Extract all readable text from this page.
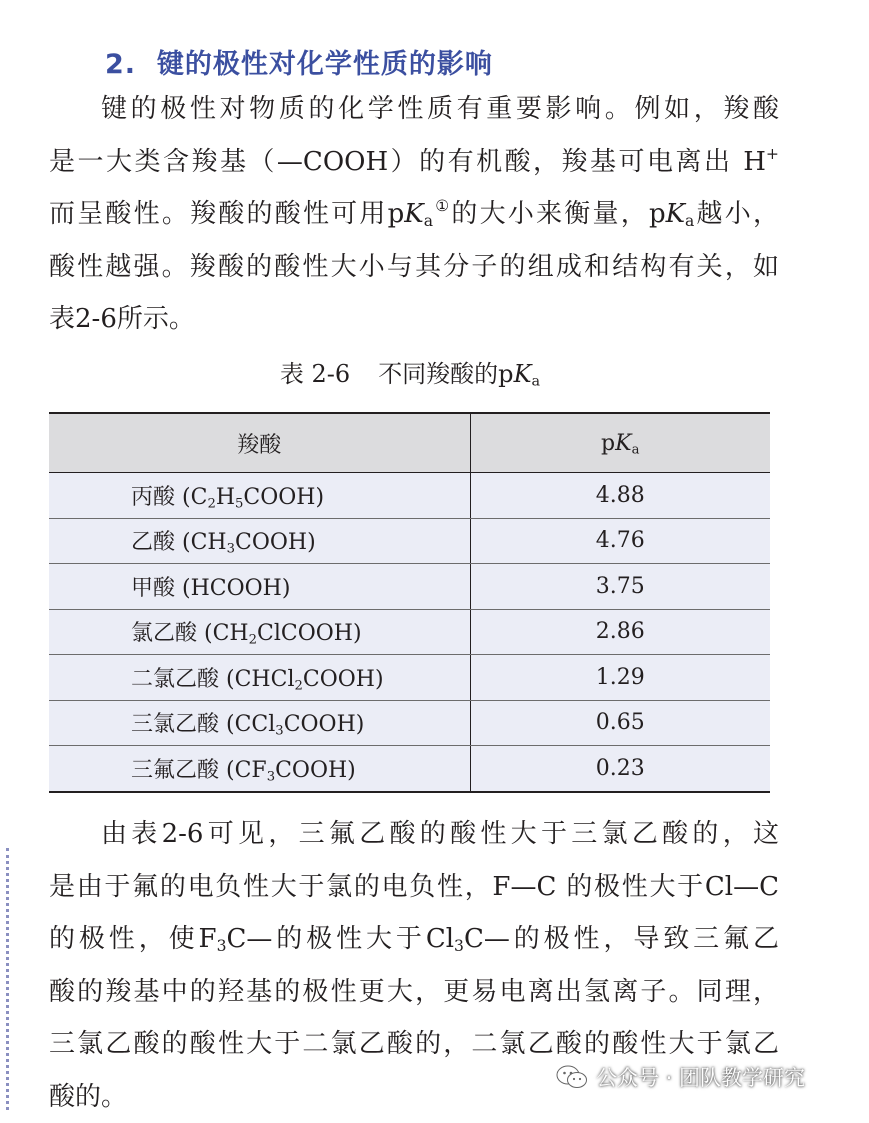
2. 键的极性对化学性质的影响
键的极性对物质的化学性质有重要影响。例如，羧酸
是一大类含羧基（—COOH）的有机酸，羧基可电离出 H+
而呈酸性。羧酸的酸性可用$pK_a^①$的大小来衡量，$pK_a$越小，
酸性越强。羧酸的酸性大小与其分子的组成和结构有关，如
表2-6所示。

表 2-6 不同羧酸的$pK_a$

羧酸	$pK_a$
丙酸 $(C_2H_5COOH)$	4.88
乙酸 $(CH_3COOH)$	4.76
甲酸 (HCOOH)	3.75
氯乙酸 $(CH_2ClCOOH)$	2.86
二氯乙酸 (CHCl$_2$COOH)	1.29
三氯乙酸 (CCl$_3$COOH)	0.65
三氟乙酸 $(CF_3COOH)$	0.23
由表2-6可见，三氟乙酸的酸性大于三氯乙酸的，这
是由于氟的电负性大于氯的电负性，F—C 的极性大于Cl—C
的极性，使$F_3C—$的极性大于$Cl_3C—$的极性，导致三氟乙
酸的羧基中的羟基的极性更大，更易电离出氢离子。同理，
三氯乙酸的酸性大于二氯乙酸的，二氯乙酸的酸性大于氯乙
酸的。
公众号 · 团队教学研究
